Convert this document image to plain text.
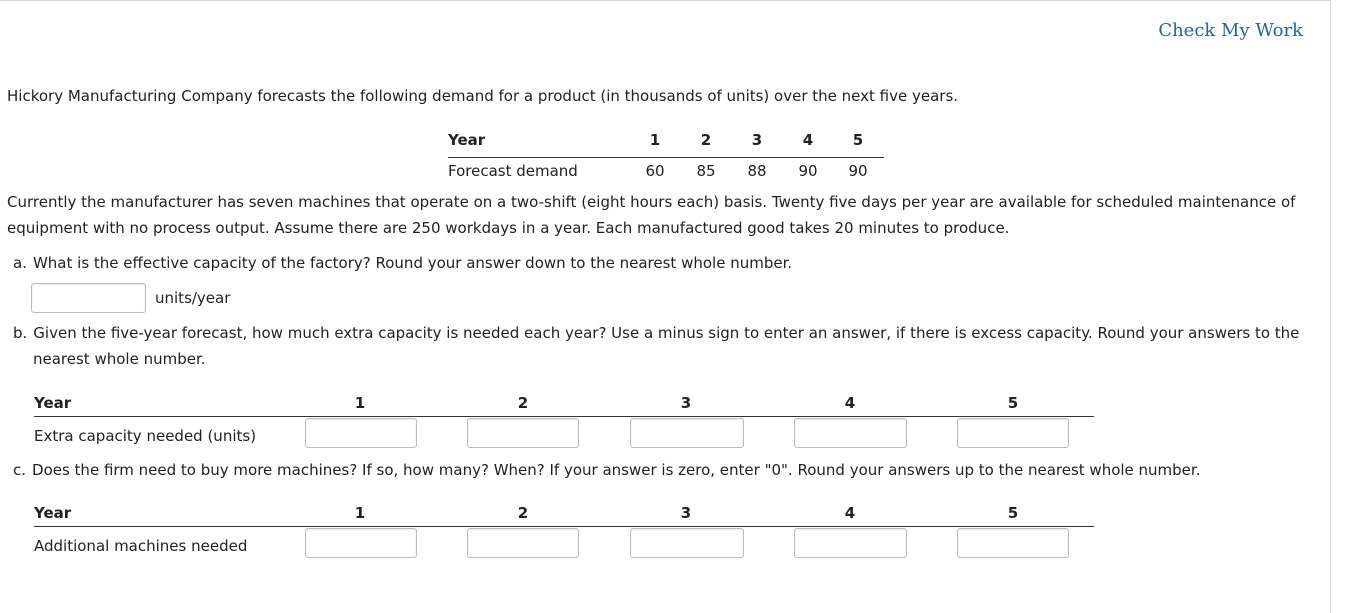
Check My Work
Hickory Manufacturing Company forecasts the following demand for a product (in thousands of units) over the next five years.
Year	1	2	3	4	5
Forecast demand	60	85	88	90	90
Currently the manufacturer has seven machines that operate on a two-shift (eight hours each) basis. Twenty five days per year are available for scheduled maintenance of
equipment with no process output. Assume there are 250 workdays in a year. Each manufactured good takes 20 minutes to produce.
a. What is the effective capacity of the factory? Round your answer down to the nearest whole number.
units/year
b. Given the five-year forecast, how much extra capacity is needed each year? Use a minus sign to enter an answer, if there is excess capacity. Round your answers to the
nearest whole number.
Year	1	2	3	4	5
Extra capacity needed (units)
c. Does the firm need to buy more machines? If so, how many? When? If your answer is zero, enter "0". Round your answers up to the nearest whole number.
Year	1	2	3	4	5
Additional machines needed
